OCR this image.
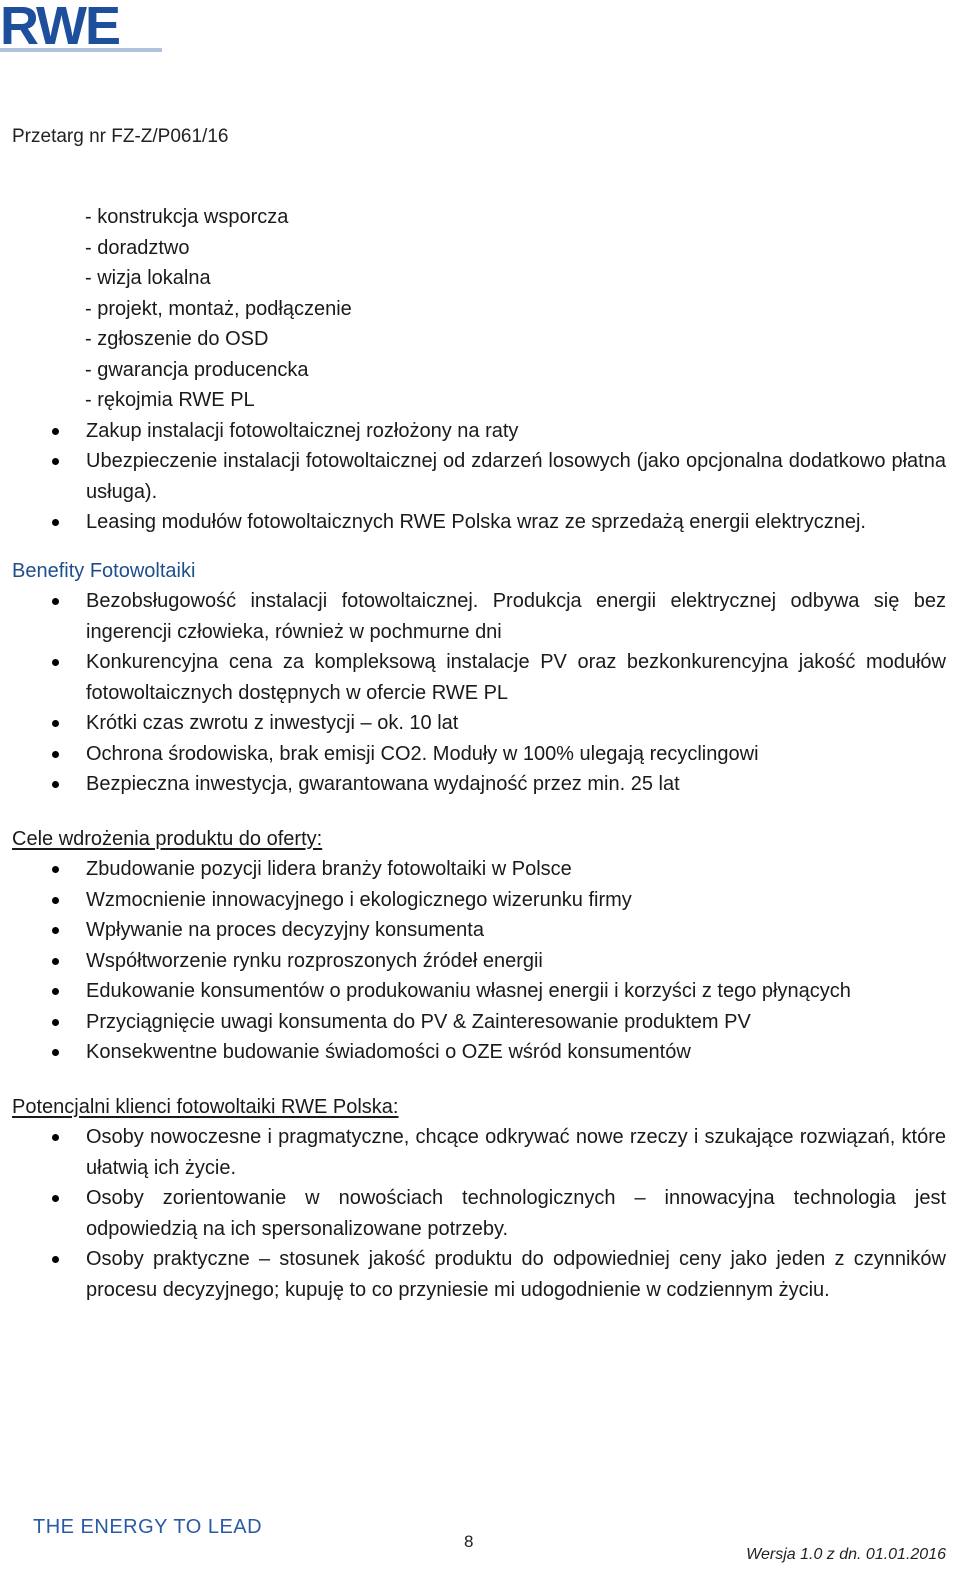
RWE
Przetarg nr FZ-Z/P061/16
- konstrukcja wsporcza
- doradztwo
- wizja lokalna
- projekt, montaż, podłączenie
- zgłoszenie do OSD
- gwarancja producencka
- rękojmia RWE PL
Zakup instalacji fotowoltaicznej rozłożony na raty
Ubezpieczenie instalacji fotowoltaicznej od zdarzeń losowych (jako opcjonalna dodatkowo płatna usługa).
Leasing modułów fotowoltaicznych RWE Polska wraz ze sprzedażą energii elektrycznej.
Benefity Fotowoltaiki
Bezobsługowość instalacji fotowoltaicznej. Produkcja energii elektrycznej odbywa się bez ingerencji człowieka, również w pochmurne dni
Konkurencyjna cena za kompleksową instalacje PV oraz bezkonkurencyjna jakość modułów fotowoltaicznych dostępnych w ofercie RWE PL
Krótki czas zwrotu z inwestycji – ok. 10 lat
Ochrona środowiska, brak emisji CO2. Moduły w 100% ulegają recyclingowi
Bezpieczna inwestycja, gwarantowana wydajność przez min. 25 lat
Cele wdrożenia produktu do oferty:
Zbudowanie pozycji lidera branży fotowoltaiki w Polsce
Wzmocnienie innowacyjnego i ekologicznego wizerunku firmy
Wpływanie na proces decyzyjny konsumenta
Współtworzenie rynku rozproszonych źródeł energii
Edukowanie konsumentów o produkowaniu własnej energii i korzyści z tego płynących
Przyciągnięcie uwagi konsumenta do PV & Zainteresowanie produktem PV
Konsekwentne budowanie świadomości o OZE wśród konsumentów
Potencjalni klienci fotowoltaiki RWE Polska:
Osoby nowoczesne i pragmatyczne, chcące odkrywać nowe rzeczy i szukające rozwiązań, które ułatwią ich życie.
Osoby zorientowanie w nowościach technologicznych – innowacyjna technologia jest odpowiedzią na ich spersonalizowane potrzeby.
Osoby praktyczne – stosunek jakość produktu do odpowiedniej ceny jako jeden z czynników procesu decyzyjnego; kupuję to co przyniesie mi udogodnienie w codziennym życiu.
THE ENERGY TO LEAD
8
Wersja 1.0 z dn. 01.01.2016
